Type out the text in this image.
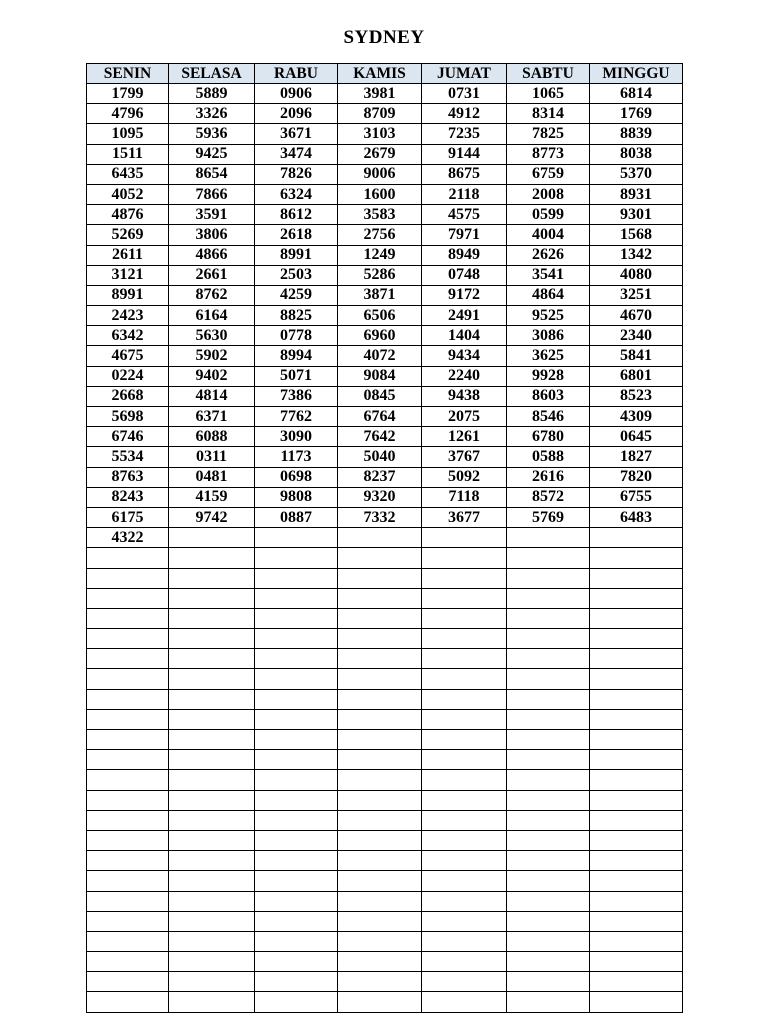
SYDNEY
SENIN	SELASA	RABU	KAMIS	JUMAT	SABTU	MINGGU
1799	5889	0906	3981	0731	1065	6814
4796	3326	2096	8709	4912	8314	1769
1095	5936	3671	3103	7235	7825	8839
1511	9425	3474	2679	9144	8773	8038
6435	8654	7826	9006	8675	6759	5370
4052	7866	6324	1600	2118	2008	8931
4876	3591	8612	3583	4575	0599	9301
5269	3806	2618	2756	7971	4004	1568
2611	4866	8991	1249	8949	2626	1342
3121	2661	2503	5286	0748	3541	4080
8991	8762	4259	3871	9172	4864	3251
2423	6164	8825	6506	2491	9525	4670
6342	5630	0778	6960	1404	3086	2340
4675	5902	8994	4072	9434	3625	5841
0224	9402	5071	9084	2240	9928	6801
2668	4814	7386	0845	9438	8603	8523
5698	6371	7762	6764	2075	8546	4309
6746	6088	3090	7642	1261	6780	0645
5534	0311	1173	5040	3767	0588	1827
8763	0481	0698	8237	5092	2616	7820
8243	4159	9808	9320	7118	8572	6755
6175	9742	0887	7332	3677	5769	6483
4322						
